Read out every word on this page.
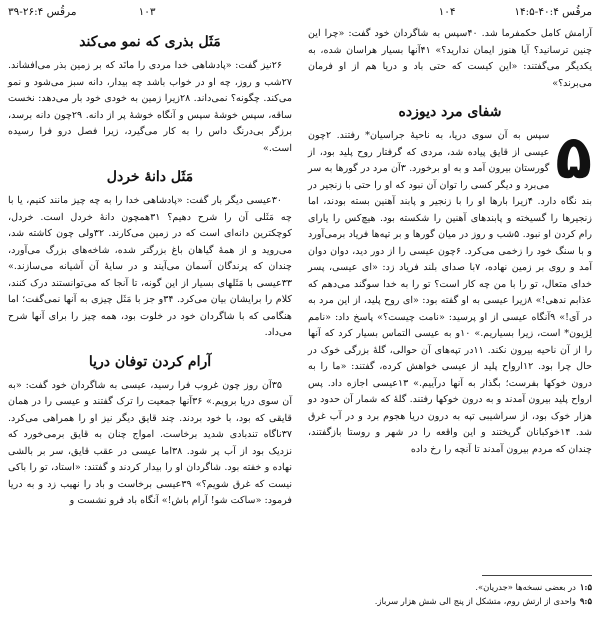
۱۰۴	مرقُس ۴:‏۴۰-‏۱۴:۵

آرامش کامل حکمفرما شد. ۴۰سپس به شاگردان خود گفت: «چرا این چنین ترسانید؟ آیا هنوز ایمان ندارید؟» ۴۱آنها بسیار هراسان شده، به یکدیگر می‌گفتند: «این کیست که حتی باد و دریا هم از او فرمان می‌برند؟»

شفای مرد دیوزده
۵

سپس به آن سوی دریا، به ناحیهٔ جراسیان* رفتند. ۲چون عیسی از قایق پیاده شد، مردی که گرفتار روح پلید بود، از گورستان بیرون آمد و به او برخورد. ۳آن مرد در گورها به سر می‌برد و دیگر کسی را توان آن نبود که او را حتی با زنجیر در بند نگاه دارد. ۴زیرا بارها او را با زنجیر و پابند آهنین بسته بودند، اما زنجیرها را گسیخته و پابندهای آهنین را شکسته بود. هیچ‌کس را یارای رام کردن او نبود. ۵شب و روز در میان گورها و بر تپه‌ها فریاد برمی‌آورد و با سنگ خود را زخمی می‌کرد. ۶چون عیسی را از دور دید، دوان دوان آمد و روی بر زمین نهاده، ۷با صدای بلند فریاد زد: «ای عیسی، پسر خدای متعال، تو را با من چه کار است؟ تو را به خدا سوگند می‌دهم که عذابم ندهی!» ۸زیرا عیسی به او گفته بود: «ای روح پلید، از این مرد به در آی!» ۹آنگاه عیسی از او پرسید: «نامت چیست؟» پاسخ داد: «نامم لِژیون* است، زیرا بسیاریم.» ۱۰و به عیسی التماس بسیار کرد که آنها را از آن ناحیه بیرون نکند. ۱۱در تپه‌های آن حوالی، گلهٔ بزرگی خوک در حال چرا بود. ۱۲ارواح پلید از عیسی خواهش کرده، گفتند: «ما را به درون خوکها بفرست؛ بگذار به آنها درآییم.» ۱۳عیسی اجازه داد. پس ارواح پلید بیرون آمدند و به درون خوکها رفتند. گلهٔ که شمار آن حدود دو هزار خوک بود، از سراشیبی تپه به درون دریا هجوم برد و در آب غرق شد. ۱۴خوکبانان گریختند و این واقعه را در شهر و روستا بازگفتند، چندان که مردم بیرون آمدند تا آنچه را رخ داده

۱:۵در بعضی نسخه‌ها «جدریان».

۹:۵واحدی از ارتش روم، متشکل از پنج الی شش هزار سرباز.

۱۰۳
مرقُس ۴:‏۲۶-‏۳۹
مَثَل بذری که نمو می‌کند

۲۶نیز گفت: «پادشاهی خدا مردی را مانَد که بر زمین بذر می‌افشاند. ۲۷شب و روز، چه او در خواب باشد چه بیدار، دانه سبز می‌شود و نمو می‌کند. چگونه؟ نمی‌داند. ۲۸زیرا زمین به خودی خود بار می‌دهد: نخست ساقه، سپس خوشهٔ سپس و آنگاه خوشهٔ پر از دانه. ۲۹چون دانه برسد، برزگر بی‌درنگ داس را به کار می‌گیرد، زیرا فصل درو فرا رسیده است.»

مَثَل دانهٔ خردل

۳۰عیسی دیگر بار گفت: «پادشاهی خدا را به چه چیز مانند کنیم، یا با چه مَثَلی آن را شرح دهیم؟ ۳۱همچون دانهٔ خردل است. خردل، کوچکترین دانه‌ای است که در زمین می‌کارند. ۳۲ولی چون کاشته شد، می‌روید و از همهٔ گیاهان باغ بزرگتر شده، شاخه‌های بزرگ می‌آورد، چندان که پرندگان آسمان می‌آیند و در سایهٔ آن آشیانه می‌سازند.» ۳۳عیسی با مَثَلهای بسیار از این گونه، تا آنجا که می‌توانستند درک کنند، کلام را برایشان بیان می‌کرد. ۳۴و جز با مَثَل چیزی به آنها نمی‌گفت؛ اما هنگامی که با شاگردان خود در خلوت بود، همه چیز را برای آنها شرح می‌داد.

آرام کردن توفان دریا

۳۵آن روز چون غروب فرا رسید، عیسی به شاگردان خود گفت: «به آن سوی دریا برویم.» ۳۶آنها جمعیت را ترک گفتند و عیسی را در همان قایقی که بود، با خود بردند. چند قایق دیگر نیز او را همراهی می‌کرد. ۳۷ناگاه تندبادی شدید برخاست. امواج چنان به قایق برمی‌خورد که نزدیک بود از آب پر شود. ۳۸اما عیسی در عقب قایق، سر بر بالشی نهاده و خفته بود. شاگردان او را بیدار کردند و گفتند: «استاد، تو را باکی نیست که غرق شویم؟» ۳۹عیسی برخاست و باد را نهیب زد و به دریا فرمود: «ساکت شو! آرام باش!» آنگاه باد فرو نشست و
